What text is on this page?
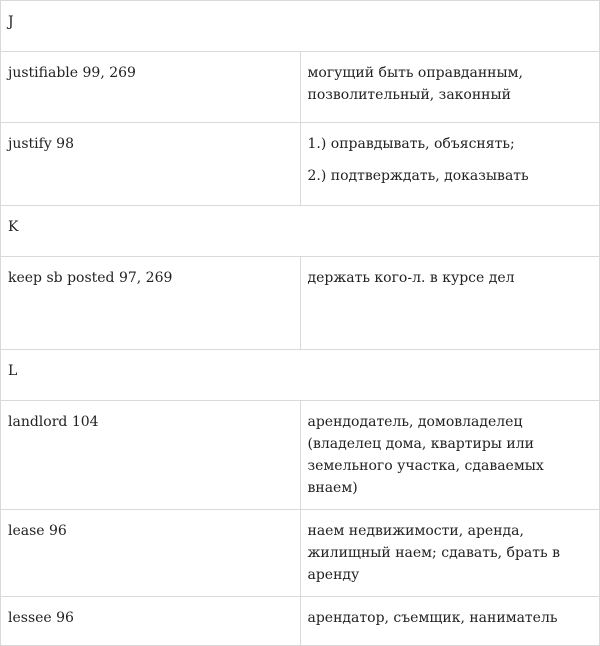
J	
justifiable 99, 269	могущий быть оправданным, позволительный, законный

justify 98	1.) оправдывать, объяснять;

2.) подтверждать, доказывать

K	
keep sb posted 97, 269	держать кого-л. в курсе дел

L	
landlord 104	арендодатель, домовладелец (владелец дома, квартиры или земельного участка, сдаваемых внаем)

lease 96	наем недвижимости, аренда, жилищный наем; сдавать, брать в аренду

lessee 96	арендатор, съемщик, наниматель
